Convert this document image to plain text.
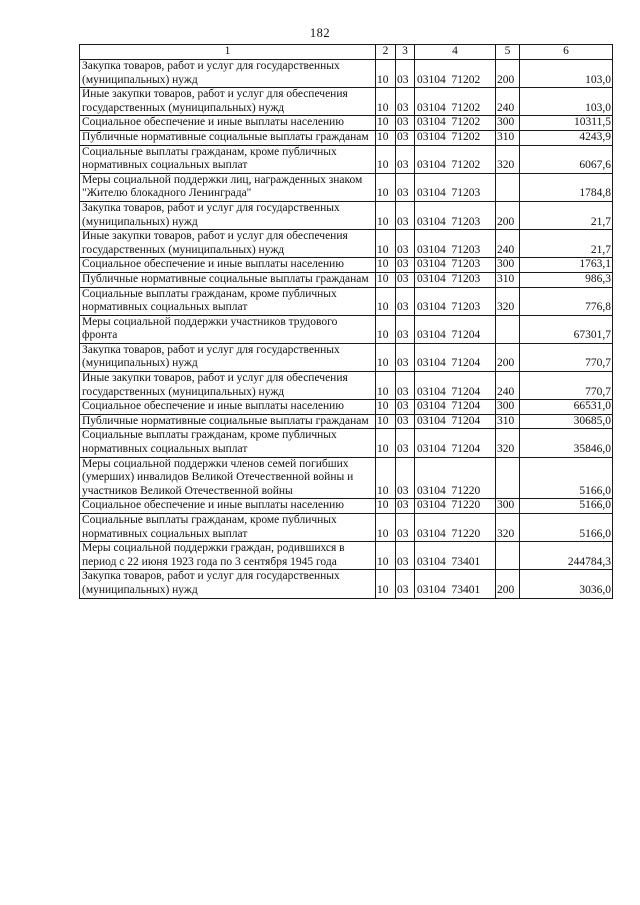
182
1	2	3	4	5	6
Закупка товаров, работ и услуг для государственных (муниципальных) нужд	10	03	03104  71202	200	103,0
Иные закупки товаров, работ и услуг для обеспечения государственных (муниципальных) нужд	10	03	03104  71202	240	103,0
Социальное обеспечение и иные выплаты населению	10	03	03104  71202	300	10311,5
Публичные нормативные социальные выплаты гражданам	10	03	03104  71202	310	4243,9
Социальные выплаты гражданам, кроме публичных нормативных социальных выплат	10	03	03104  71202	320	6067,6
Меры социальной поддержки лиц, награжденных знаком "Жителю блокадного Ленинграда"	10	03	03104  71203		1784,8
Закупка товаров, работ и услуг для государственных (муниципальных) нужд	10	03	03104  71203	200	21,7
Иные закупки товаров, работ и услуг для обеспечения государственных (муниципальных) нужд	10	03	03104  71203	240	21,7
Социальное обеспечение и иные выплаты населению	10	03	03104  71203	300	1763,1
Публичные нормативные социальные выплаты гражданам	10	03	03104  71203	310	986,3
Социальные выплаты гражданам, кроме публичных нормативных социальных выплат	10	03	03104  71203	320	776,8
Меры социальной поддержки участников трудового фронта	10	03	03104  71204		67301,7
Закупка товаров, работ и услуг для государственных (муниципальных) нужд	10	03	03104  71204	200	770,7
Иные закупки товаров, работ и услуг для обеспечения государственных (муниципальных) нужд	10	03	03104  71204	240	770,7
Социальное обеспечение и иные выплаты населению	10	03	03104  71204	300	66531,0
Публичные нормативные социальные выплаты гражданам	10	03	03104  71204	310	30685,0
Социальные выплаты гражданам, кроме публичных нормативных социальных выплат	10	03	03104  71204	320	35846,0
Меры социальной поддержки членов семей погибших (умерших) инвалидов Великой Отечественной войны и участников Великой Отечественной войны	10	03	03104  71220		5166,0
Социальное обеспечение и иные выплаты населению	10	03	03104  71220	300	5166,0
Социальные выплаты гражданам, кроме публичных нормативных социальных выплат	10	03	03104  71220	320	5166,0
Меры социальной поддержки граждан, родившихся в период с 22 июня 1923 года по 3 сентября 1945 года	10	03	03104  73401		244784,3
Закупка товаров, работ и услуг для государственных (муниципальных) нужд	10	03	03104  73401	200	3036,0
